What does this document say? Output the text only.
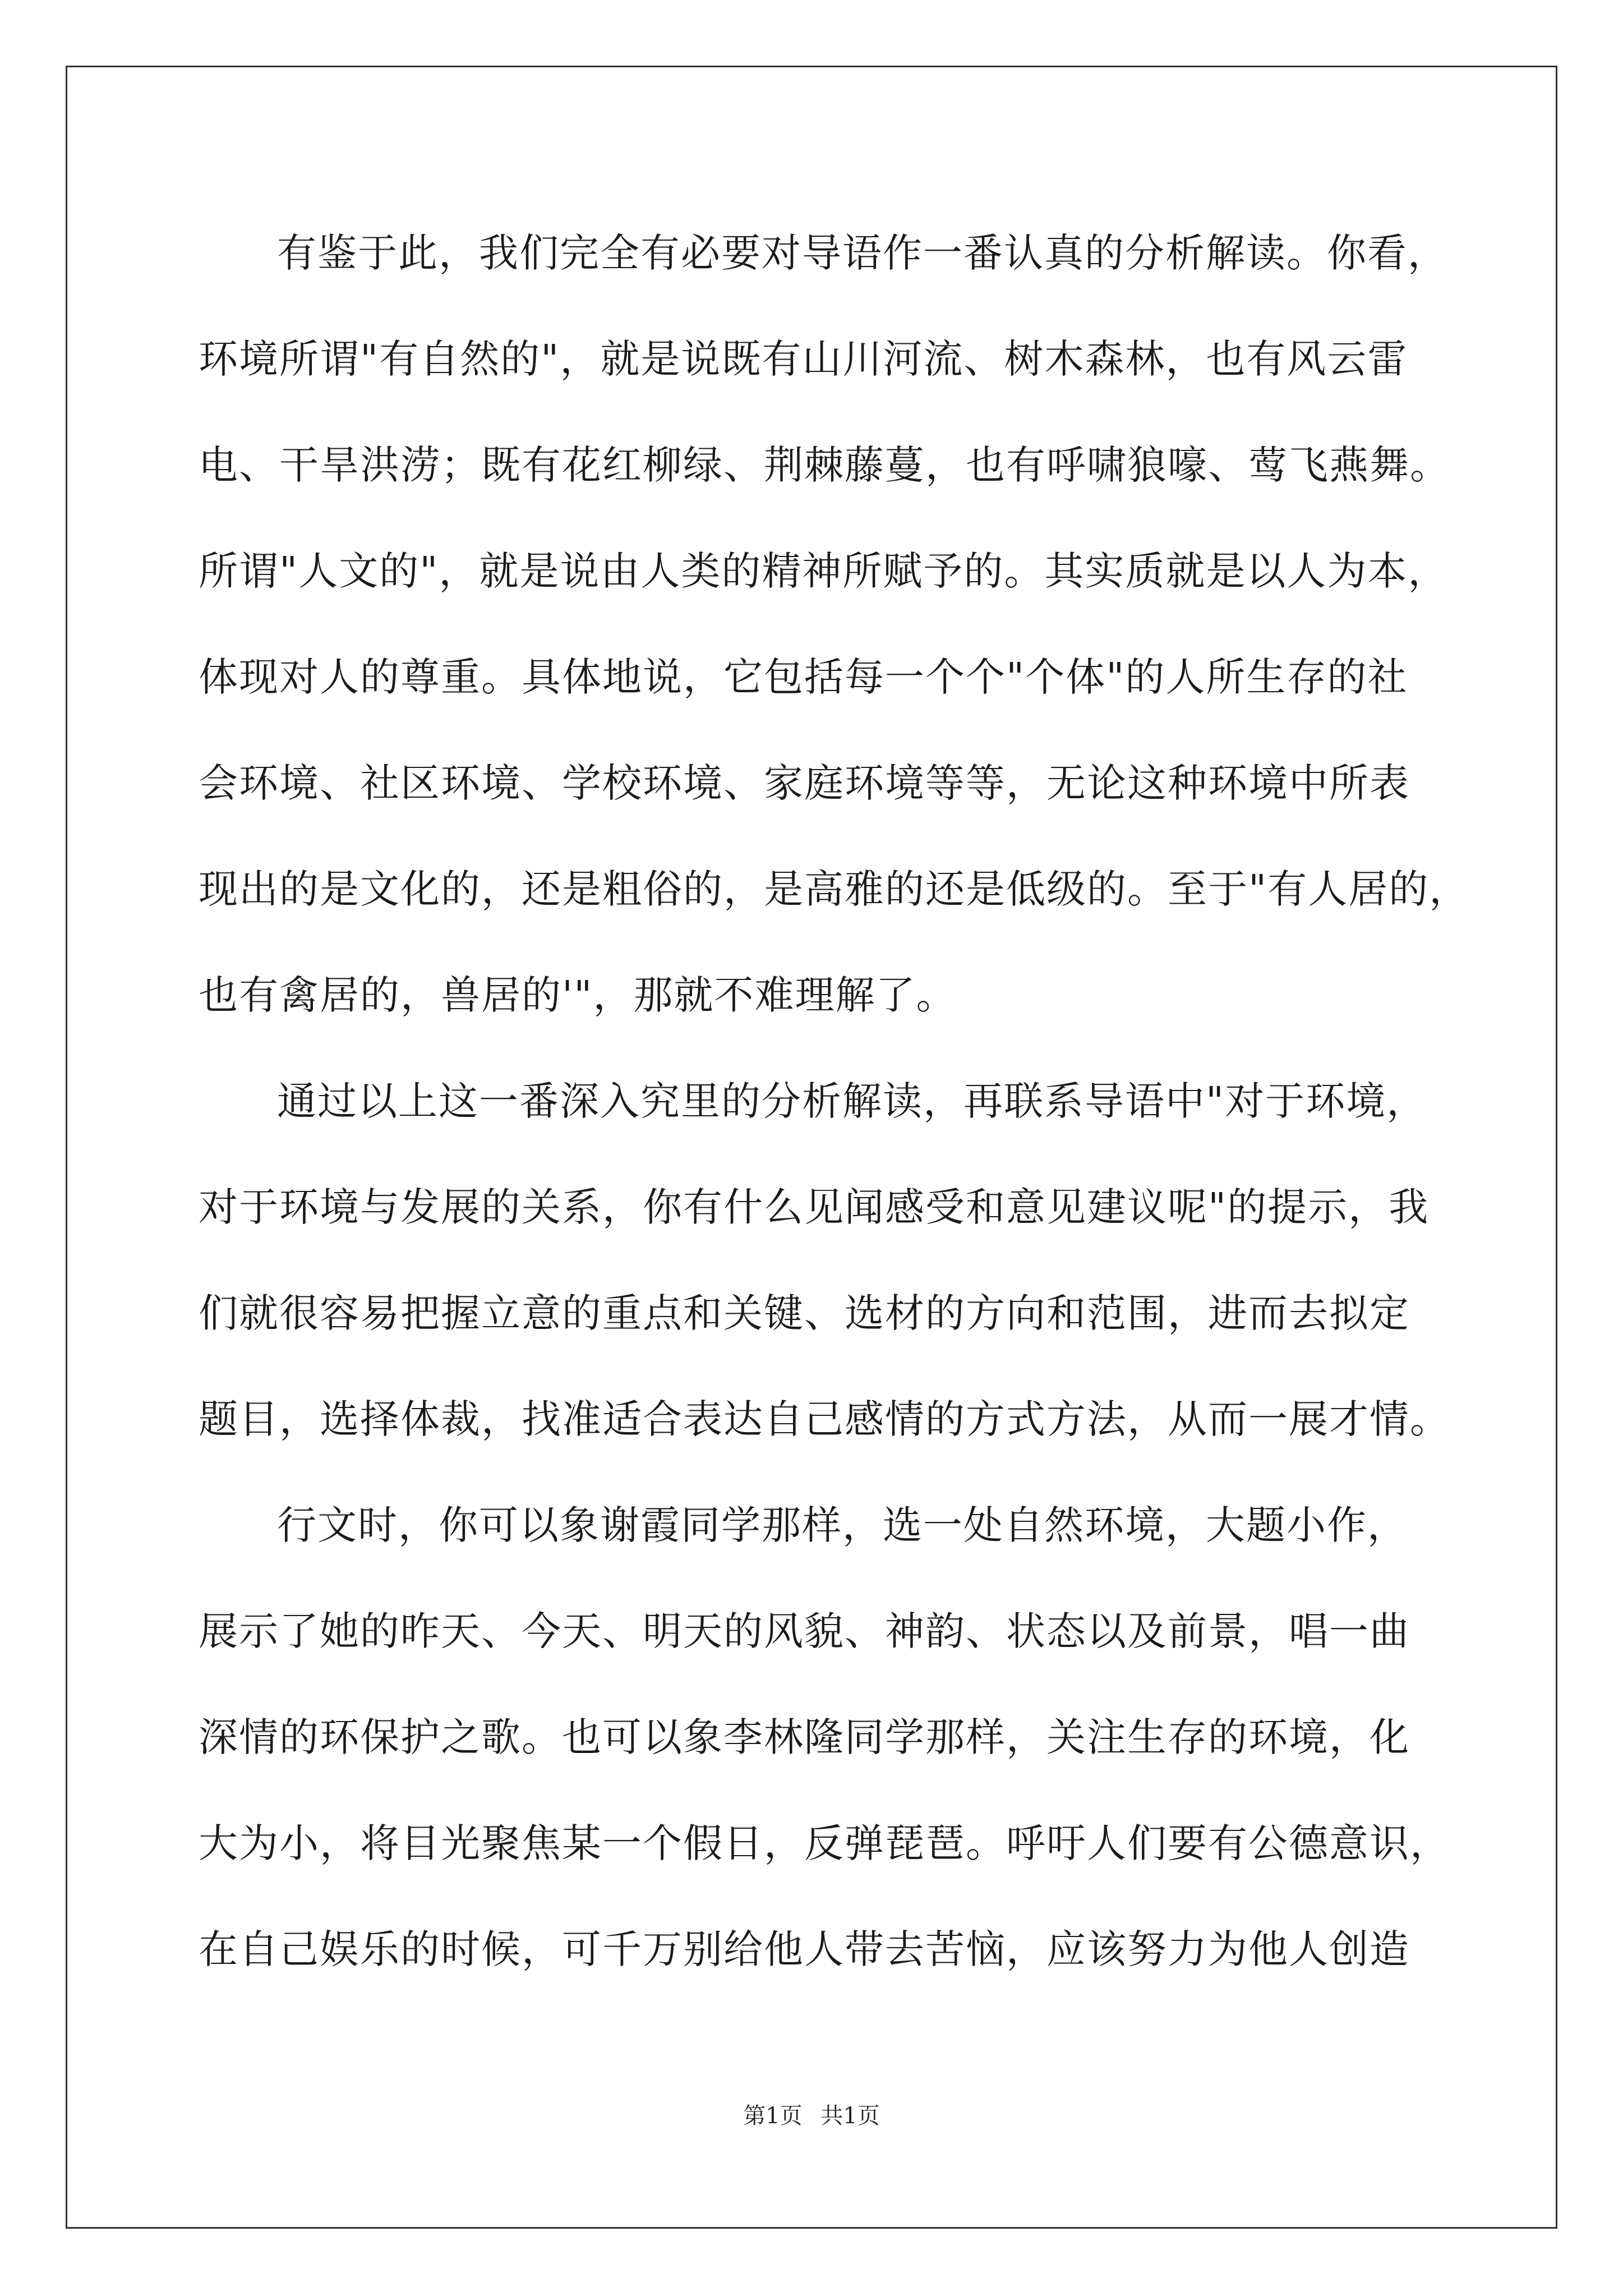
有鉴于此，我们完全有必要对导语作一番认真的分析解读。你看，
环境所谓"有自然的"，就是说既有山川河流、树木森林，也有风云雷
电、干旱洪涝；既有花红柳绿、荆棘藤蔓，也有呼啸狼嚎、莺飞燕舞。
所谓"人文的"，就是说由人类的精神所赋予的。其实质就是以人为本，
体现对人的尊重。具体地说，它包括每一个个"个体"的人所生存的社
会环境、社区环境、学校环境、家庭环境等等，无论这种环境中所表
现出的是文化的，还是粗俗的，是高雅的还是低级的。至于"有人居的，
也有禽居的，兽居的'"，那就不难理解了。
通过以上这一番深入究里的分析解读，再联系导语中"对于环境，
对于环境与发展的关系，你有什么见闻感受和意见建议呢"的提示，我
们就很容易把握立意的重点和关键、选材的方向和范围，进而去拟定
题目，选择体裁，找准适合表达自己感情的方式方法，从而一展才情。
行文时，你可以象谢霞同学那样，选一处自然环境，大题小作，
展示了她的昨天、今天、明天的风貌、神韵、状态以及前景，唱一曲
深情的环保护之歌。也可以象李林隆同学那样，关注生存的环境，化
大为小，将目光聚焦某一个假日，反弹琵琶。呼吁人们要有公德意识，
在自己娱乐的时候，可千万别给他人带去苦恼，应该努力为他人创造
第1页 共1页
